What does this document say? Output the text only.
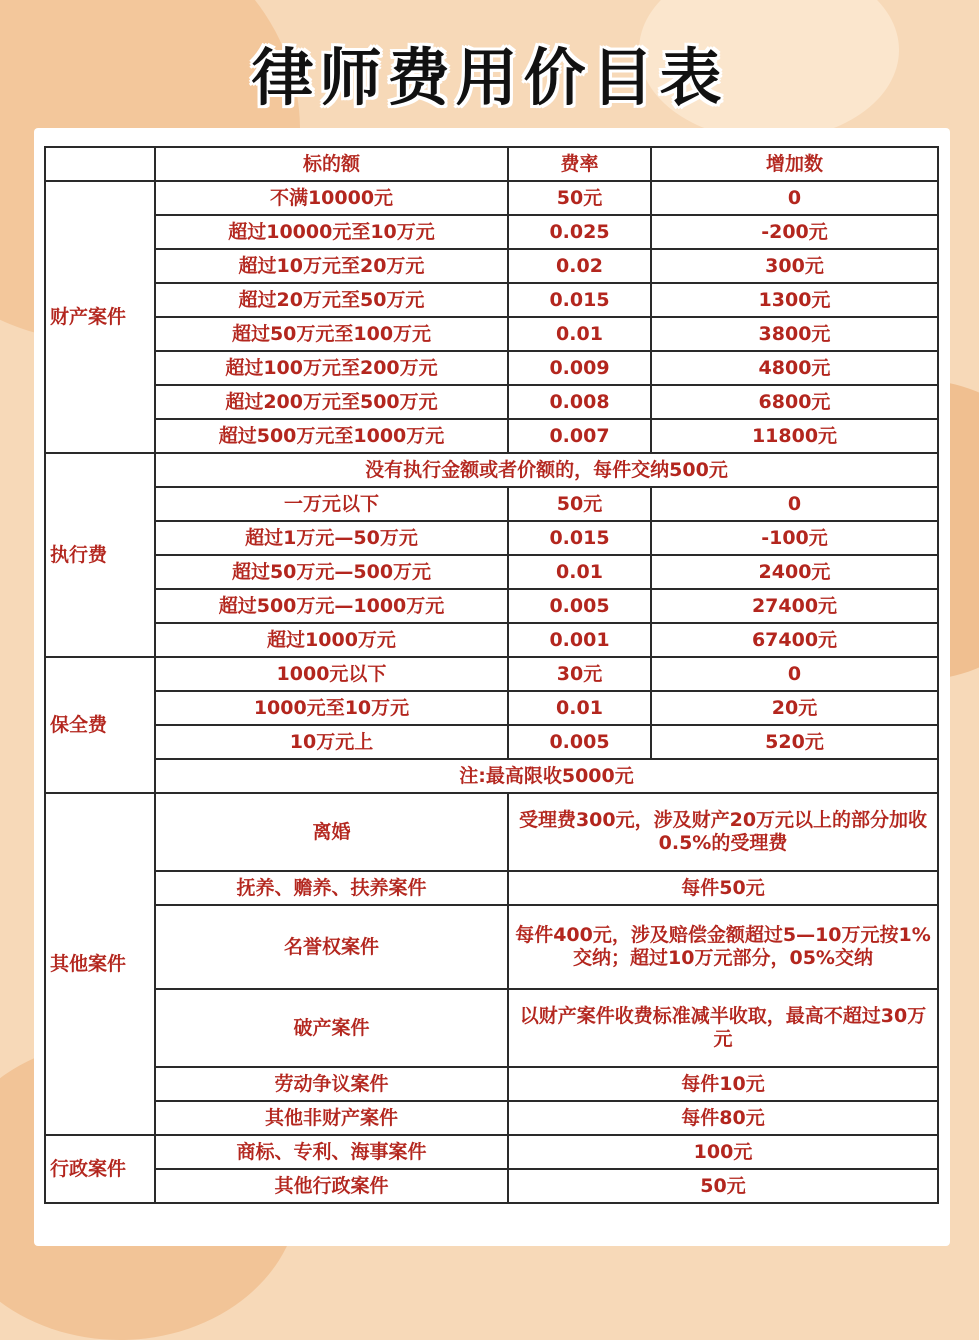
律师费用价目表
	标的额	费率	增加数
财产案件	不满10000元	50元	0
	超过10000元至10万元	0.025	-200元
	超过10万元至20万元	0.02	300元
	超过20万元至50万元	0.015	1300元
	超过50万元至100万元	0.01	3800元
	超过100万元至200万元	0.009	4800元
	超过200万元至500万元	0.008	6800元
	超过500万元至1000万元	0.007	11800元
执行费	没有执行金额或者价额的，每件交纳500元		
	一万元以下	50元	0
	超过1万元—50万元	0.015	-100元
	超过50万元—500万元	0.01	2400元
	超过500万元—1000万元	0.005	27400元
	超过1000万元	0.001	67400元
保全费	1000元以下	30元	0
	1000元至10万元	0.01	20元
	10万元上	0.005	520元
	注:最高限收5000元		
其他案件	离婚	受理费300元，涉及财产20万元以上的部分加收0.5%的受理费	
	抚养、赡养、扶养案件	每件50元	
	名誉权案件	每件400元，涉及赔偿金额超过5—10万元按1%交纳；超过10万元部分，05%交纳	
	破产案件	以财产案件收费标准减半收取，最高不超过30万元	
	劳动争议案件	每件10元	
	其他非财产案件	每件80元	
行政案件	商标、专利、海事案件	100元	
	其他行政案件	50元	
